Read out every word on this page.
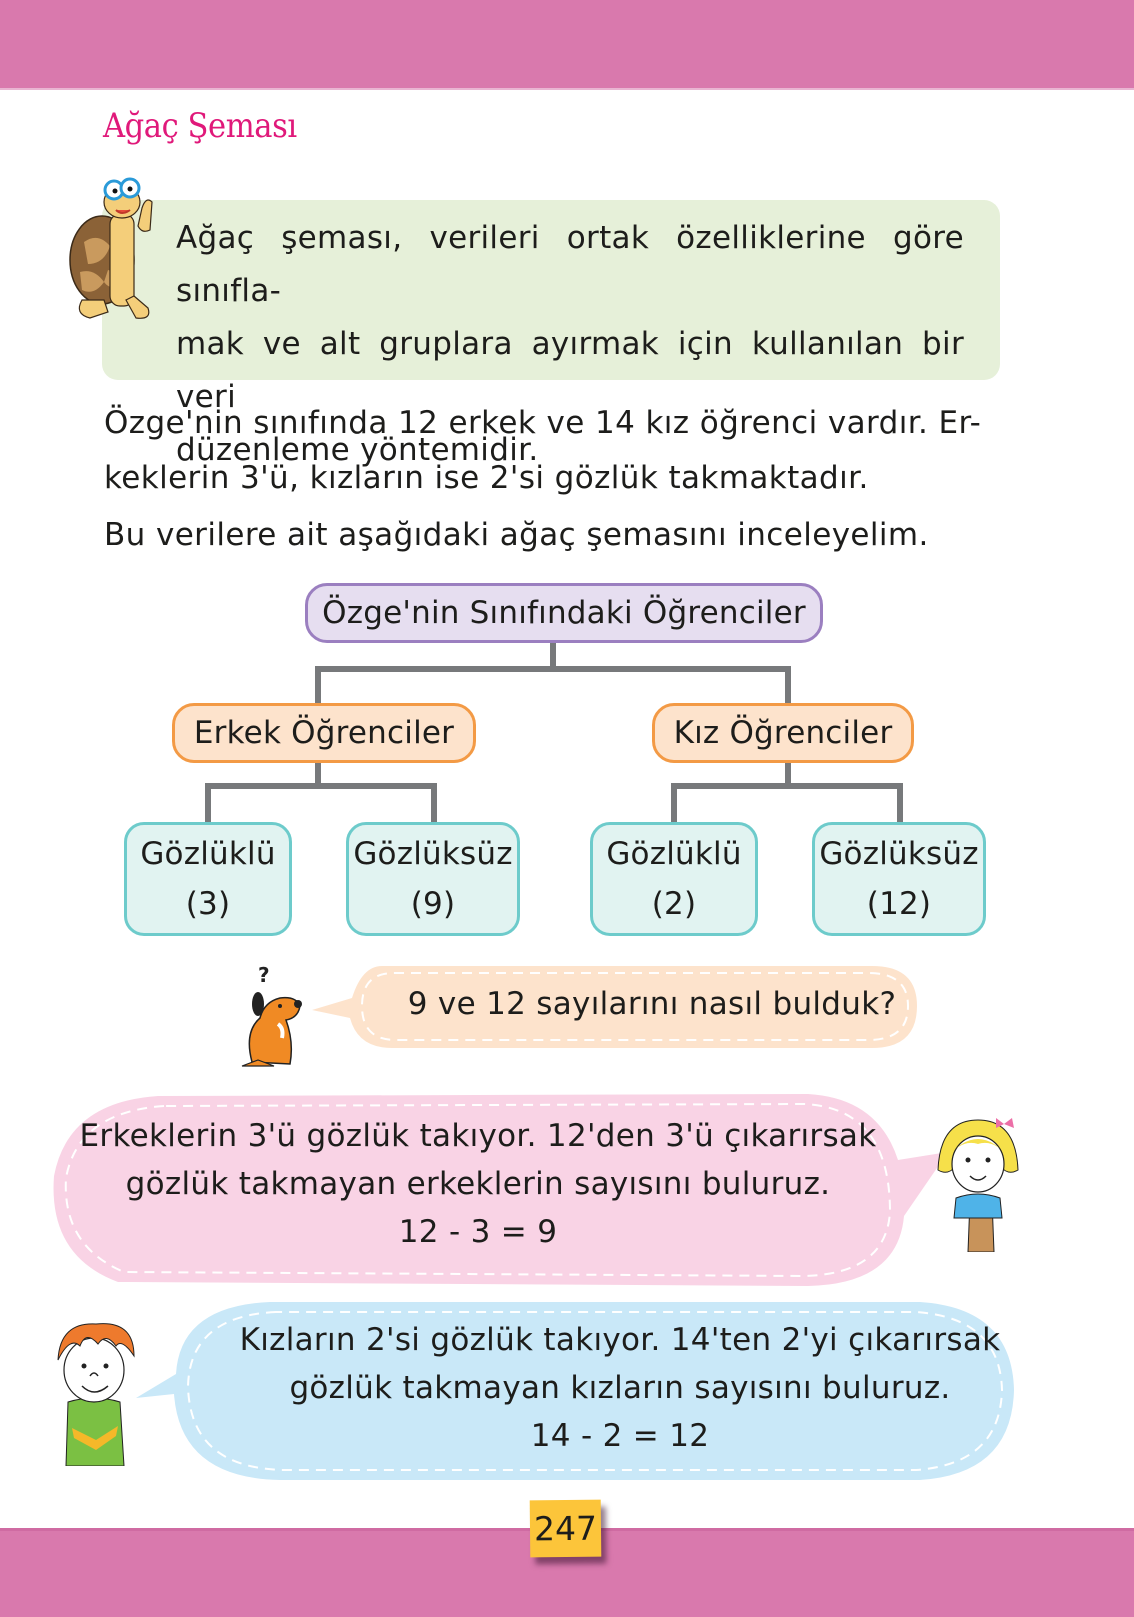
Ağaç Şeması

Ağaç şeması, verileri ortak özelliklerine göre sınıfla-
mak ve alt gruplara ayırmak için kullanılan bir veri
düzenleme yöntemidir.

Özge'nin sınıfında 12 erkek ve 14 kız öğrenci vardır. Er-
keklerin 3'ü, kızların ise 2'si gözlük takmaktadır.
Bu verilere ait aşağıdaki ağaç şemasını inceleyelim.
Özge'nin Sınıfındaki Öğrenciler
Erkek Öğrenciler	Kız Öğrenciler
Gözlüklü
(3)
Gözlüksüz
(9)
Gözlüklü
(2)
Gözlüksüz
(12)
9 ve 12 sayılarını nasıl bulduk?
?
Erkeklerin 3'ü gözlük takıyor. 12'den 3'ü çıkarırsak
gözlük takmayan erkeklerin sayısını buluruz.
12 - 3 = 9
Kızların 2'si gözlük takıyor. 14'ten 2'yi çıkarırsak
gözlük takmayan kızların sayısını buluruz.
14 - 2 = 12
247
